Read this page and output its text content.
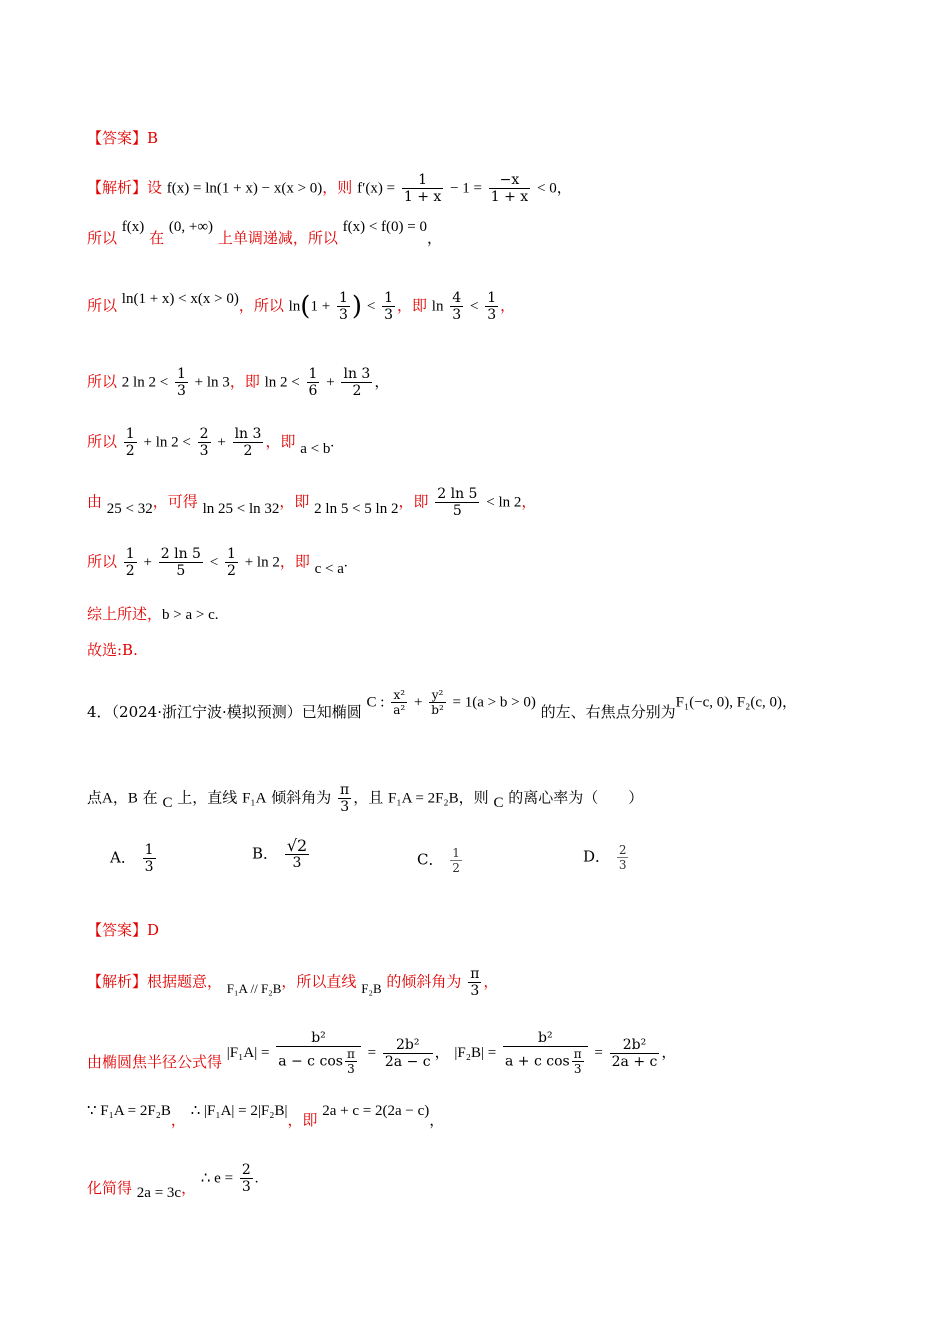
【答案】B
【解析】设 f(x) = ln(1 + x) − x(x > 0)，则 $f'(x) = \frac{1}{1 + x} - 1 = \frac{-x}{1 + x} < 0$，
所以 f(x) 在 (0, +∞) 上单调递减，所以 f(x) < f(0) = 0，
所以 ln(1 + x) < x(x > 0)，所以 $\ln(1 + \frac{1}{3}$ ) < $\frac{1}{3}$ ，即 $\ln \frac{4}{3} < \frac{1}{3}$ ，
所以 2 $\ln 2 < \frac{1}{3} + \ln 3$，即 $\ln 2 < \frac{1}{6} + \frac{\ln 3}{2}$ ，
所以 $\frac{1}{2} + \ln 2 < \frac{2}{3} + \frac{\ln 3}{2}$ ，即 a < b.
由 25 < 32，可得 ln 25 < ln 32，即 2 ln 5 < 5 ln 2，即 $\frac{2 \ln 5}{5} < \ln 2$，
所以 $\frac{1}{2} + \frac{2 \ln 5}{5} < \frac{1}{2} + \ln 2$，即 c < a.
综上所述，b > a > c.
故选:B.
4．（2024·浙江宁波·模拟预测）已知椭圆 C : $\frac{\text{x²}}{\text{a²}} + \frac{\text{y²}}{\text{b²}} = 1(a > b > 0)$ 的左、右焦点分别为F₁(−c, 0), F₂(c, 0)，
点A，B 在 C 上，直线 F₁A 倾斜角为 $\frac{\pi}{3}$ ，且 F₁A = 2F₂B，则 C 的离心率为（　　）
A． $\frac{1}{3}$	B． $\frac{√2}{3}$	C． $\frac{1}{2}$	D． $\frac{2}{3}$
【答案】D
【解析】根据题意， F₁A // F₂B，所以直线 F₂B 的倾斜角为 $\frac{\pi}{3}$ ，
由椭圆焦半径公式得 $|F_1A| = \frac{\text{b²}}{a - c \cos \frac{\pi}{3}} = \frac{\text{2b²}}{2a - c}$ ， $|F_2B| = \frac{\text{b²}}{a + c \cos \frac{\pi}{3}} = \frac{\text{2b²}}{2a + c}$ ，
∵ F₁A = 2F₂B， ∴ |F₁A| = 2|F₂B|，即 2a + c = 2(2a − c)，
化简得 2a = 3c， ∴ $e = \frac{2}{3}$ .
